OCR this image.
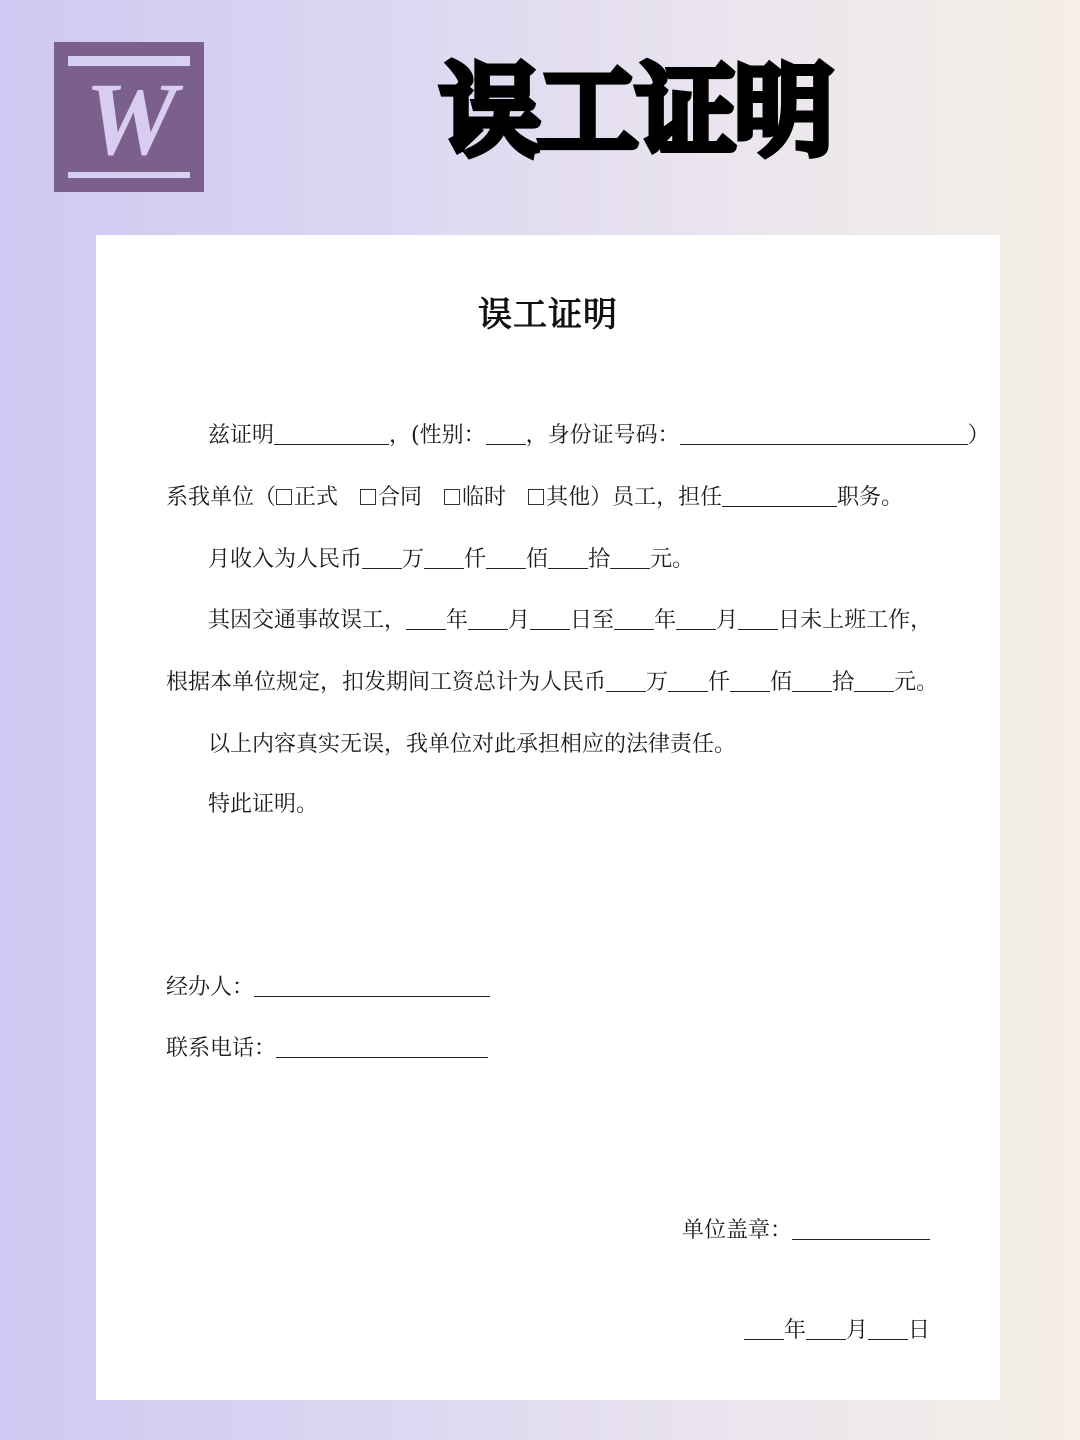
W	误工证明
误工证明
兹证明	，(性别： ，身份证号码：	）
系我单位（ 正式 合同 临时 其他）员工，担任	职务。
月收入为人民币 万 仟 佰 拾 元。
其因交通事故误工， 年 月 日至 年 月 日未上班工作，
根据本单位规定，扣发期间工资总计为人民币 万 仟 佰 拾 元。
以上内容真实无误，我单位对此承担相应的法律责任。
特此证明。
经办人：
联系电话：
单位盖章：
年 月 日
